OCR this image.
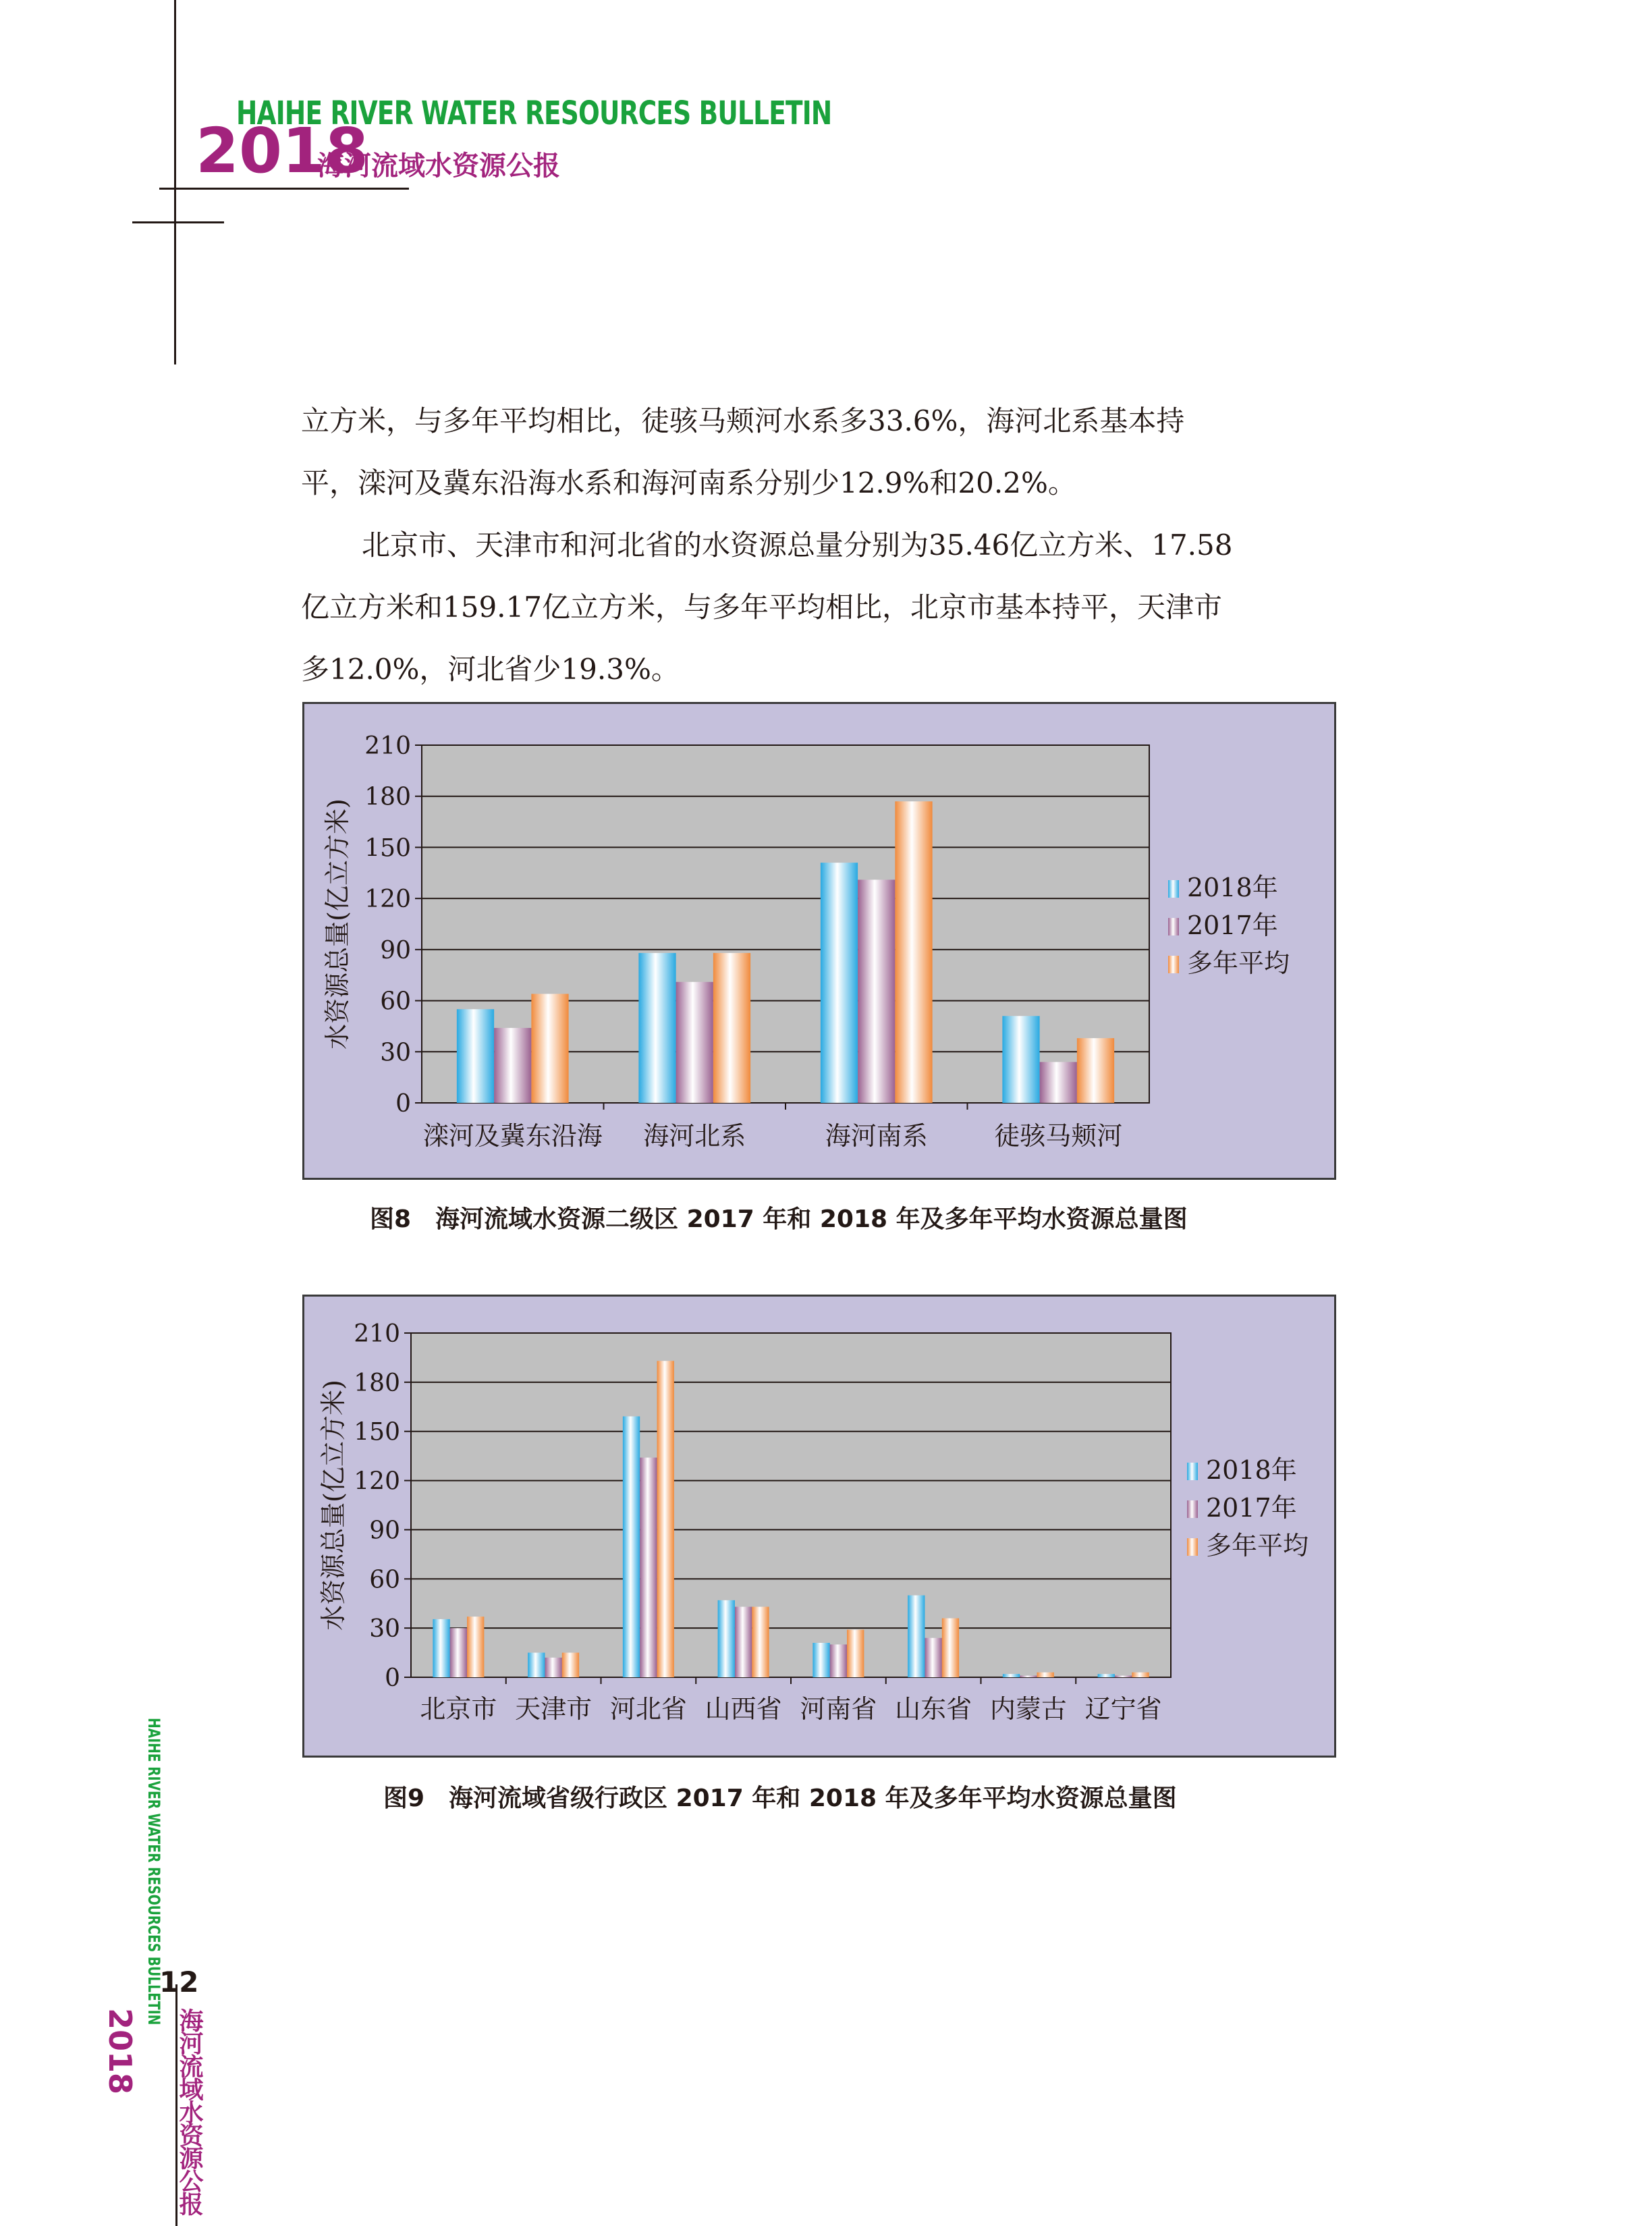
HAIHE RIVER WATER RESOURCES BULLETIN
2018
海河流域水资源公报
立方米，与多年平均相比，徒骇马颊河水系多33.6%，海河北系基本持
平，滦河及冀东沿海水系和海河南系分别少12.9%和20.2%。
北京市、天津市和河北省的水资源总量分别为35.46亿立方米、17.58
亿立方米和159.17亿立方米，与多年平均相比，北京市基本持平，天津市
多12.0%，河北省少19.3%。
0
30
60
90
120
150
180
210
滦河及冀东沿海 海河北系	海河南系	徒骇马颊河
水资源总量(亿立方米)	2018年
2017年
多年平均
图8　海河流域水资源二级区 2017 年和 2018 年及多年平均水资源总量图
0
30
60
90
120
150
180
210
北京市 天津市 河北省 山西省 河南省 山东省 内蒙古 辽宁省
水资源总量(亿立方米)	2018年
2017年
多年平均
图9　海河流域省级行政区 2017 年和 2018 年及多年平均水资源总量图
HAIHE RIVER WATER RESOURCES BULLETIN
12
2018 海河流域水资源公报
